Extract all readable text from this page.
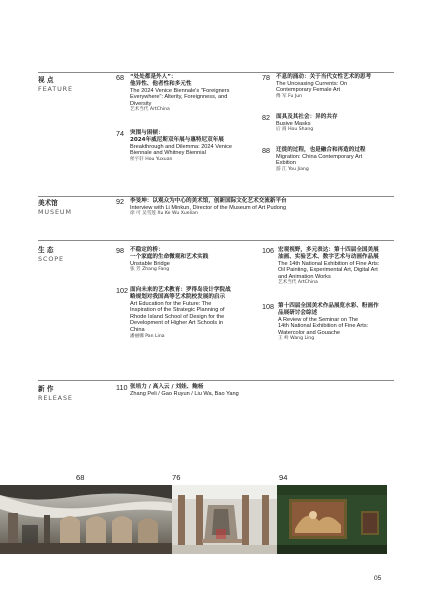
视 点
FEATURE
68 “处处都是外人”：
他异性、他者性和多元性
The 2024 Venice Biennale's "Foreigners
Everywhere": Alterity, Foreignness, and
Diversity
艺术当代 ArtChina
74 突围与困顿：
2024年威尼斯双年展与惠特尼双年展
Breakthrough and Dilemma: 2024 Venice
Biennale and Whitney Biennial
侯宇轩 Hou Yuxuan
78 不息的涌动：关于当代女性艺术的思考
The Unceasing Currents: On
Contemporary Female Art
傅 军 Fu Jun
82 面具及其社会：异的共存
Busive Masks
后 商 Hou Shang
88 迁徙的过程，也是融合和再造的过程
Migration: China Contemporary Art
Exbition
游 江 You Jiang
美术馆
MUSEUM
92 李旻坤：以观众为中心的美术馆，创新国际文化艺术交流新平台
Interview with Li Minkun, Director of the Museum of Art Pudong
徐 可 吴雪莲 Xu Ke Wu Xuelian
生 态
SCOPE
98 不稳定的桥：
一个家庭的生命微观和艺术实践
Unstable Bridge
张 芳 Zhang Fang
102 面向未来的艺术教育：罗得岛设计学院战
略规划对我国高等艺术院校发展的启示
Art Education for the Future: The
Inspiration of the Strategic Planning of
Rhode Island School of Design for the
Development of Higher Art Schools in
China
潘丽娜 Pan Lina
106 宏观视野，多元表达：第十四届全国美展
油画、实验艺术、数字艺术与动画作品展
The 14th National Exhibition of Fine Arts:
Oil Painting, Experimental Art, Digital Art
and Animation Works
艺术当代 ArtChina
108 第十四届全国美术作品展览水彩、粉画作
品展研讨会综述
A Review of the Seminar on The
14th National Exhibition of Fine Arts:
Watercolor and Gouache
王 岭 Wang Ling
新 作
RELEASE
110 张培力 / 高入云 / 刘娃、鲍杨
Zhang Peli / Gao Ruyun / Liu Wa, Bao Yang
68	76	94
05
